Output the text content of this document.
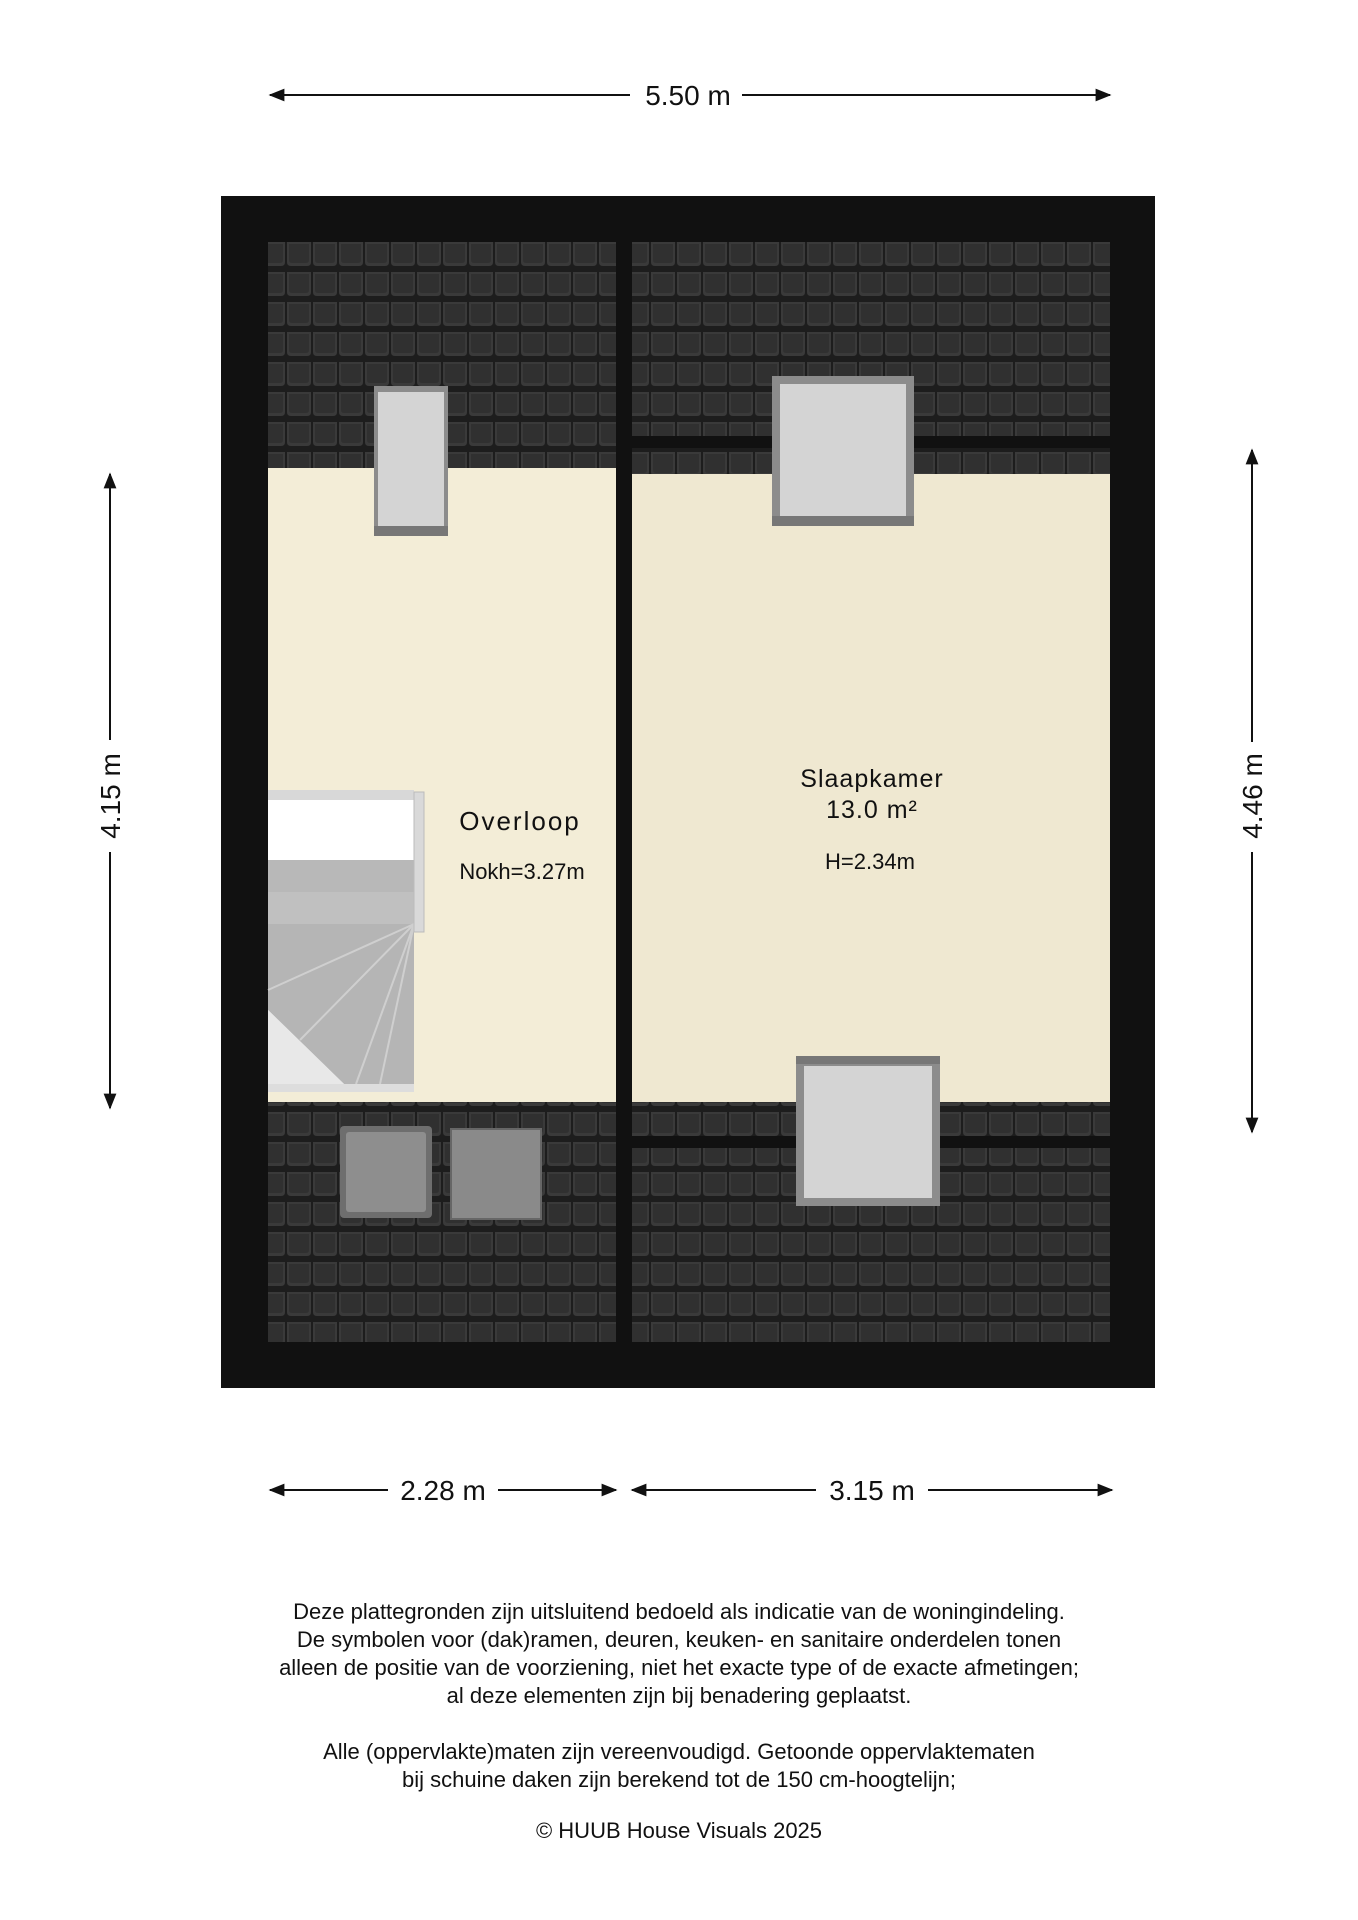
5.50 m
4.15 m	4.46 m
Overloop
Nokh=3.27m
Slaapkamer
13.0 m²
H=2.34m
2.28 m	3.15 m

Deze plattegronden zijn uitsluitend bedoeld als indicatie van de woningindeling.

De symbolen voor (dak)ramen, deuren, keuken- en sanitaire onderdelen tonen

alleen de positie van de voorziening, niet het exacte type of de exacte afmetingen;

al deze elementen zijn bij benadering geplaatst.

Alle (oppervlakte)maten zijn vereenvoudigd. Getoonde oppervlaktematen

bij schuine daken zijn berekend tot de 150 cm-hoogtelijn;

© HUUB House Visuals 2025
